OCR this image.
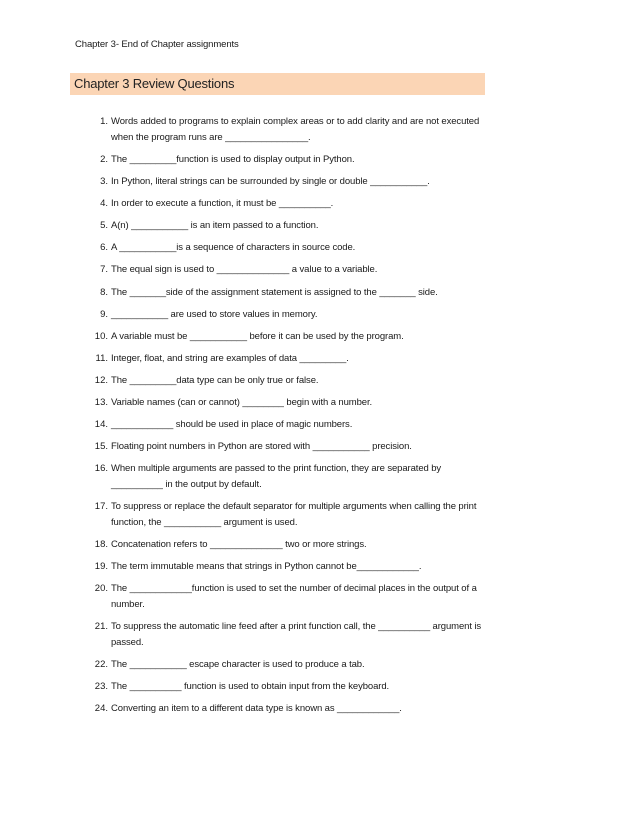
Chapter 3- End of Chapter assignments
Chapter 3 Review Questions
1. Words added to programs to explain complex areas or to add clarity and are not executed when the program runs are ________________.
2. The _________function is used to display output in Python.
3. In Python, literal strings can be surrounded by single or double ___________.
4. In order to execute a function, it must be __________.
5. A(n) ___________ is an item passed to a function.
6. A ___________is a sequence of characters in source code.
7. The equal sign is used to ______________ a value to a variable.
8. The _______side of the assignment statement is assigned to the _______ side.
9. ___________ are used to store values in memory.
10. A variable must be ___________ before it can be used by the program.
11. Integer, float, and string are examples of data _________.
12. The _________data type can be only true or false.
13. Variable names (can or cannot) ________ begin with a number.
14. ____________ should be used in place of magic numbers.
15. Floating point numbers in Python are stored with ___________ precision.
16. When multiple arguments are passed to the print function, they are separated by __________ in the output by default.
17. To suppress or replace the default separator for multiple arguments when calling the print function, the ___________ argument is used.
18. Concatenation refers to ______________ two or more strings.
19. The term immutable means that strings in Python cannot be____________.
20. The ____________function is used to set the number of decimal places in the output of a number.
21. To suppress the automatic line feed after a print function call, the __________ argument is passed.
22. The ___________ escape character is used to produce a tab.
23. The __________ function is used to obtain input from the keyboard.
24. Converting an item to a different data type is known as ____________.
